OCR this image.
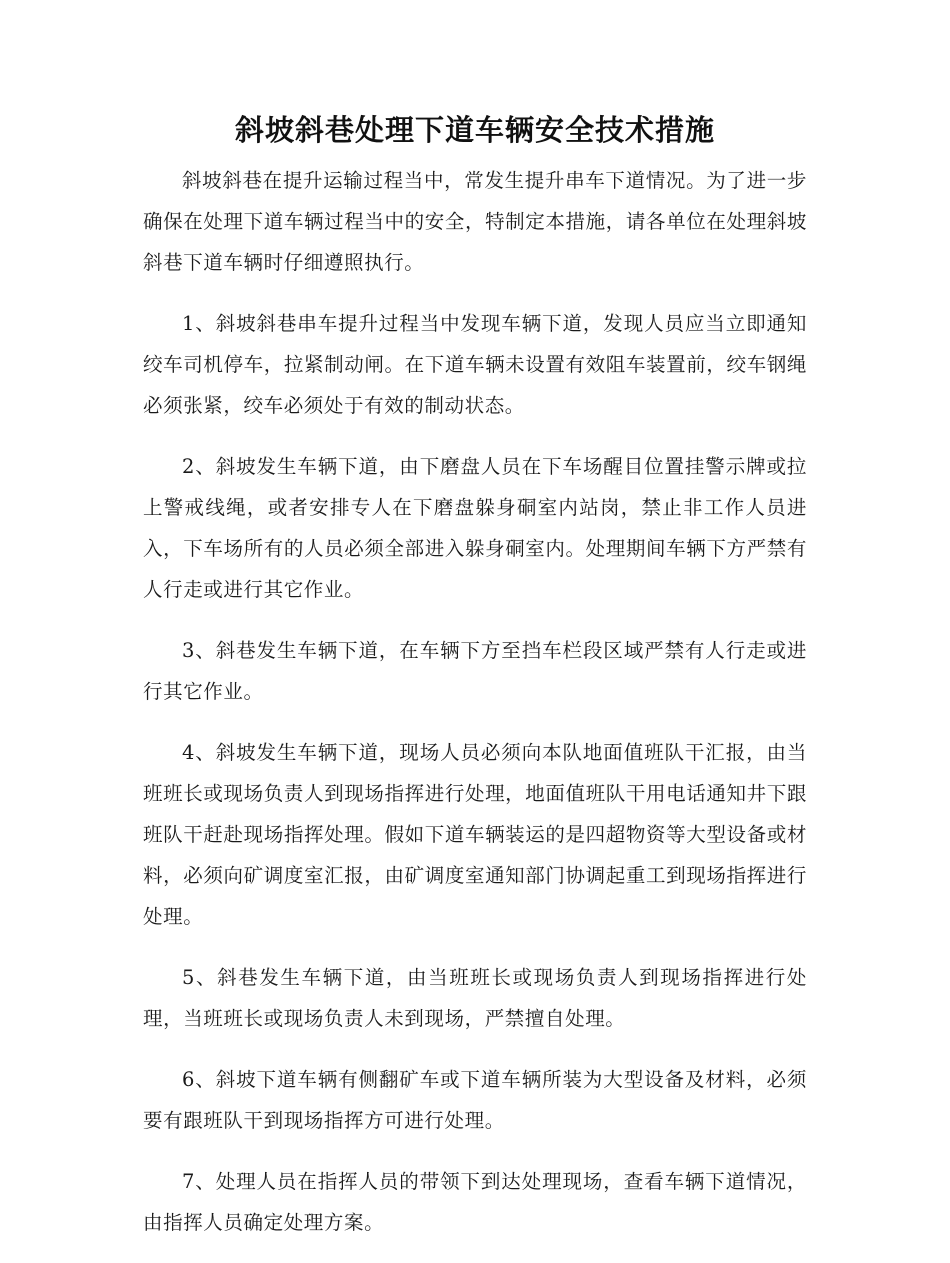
斜坡斜巷处理下道车辆安全技术措施

斜坡斜巷在提升运输过程当中，常发生提升串车下道情况。为了进一步确保在处理下道车辆过程当中的安全，特制定本措施，请各单位在处理斜坡斜巷下道车辆时仔细遵照执行。

1、斜坡斜巷串车提升过程当中发现车辆下道，发现人员应当立即通知绞车司机停车，拉紧制动闸。在下道车辆未设置有效阻车装置前，绞车钢绳必须张紧，绞车必须处于有效的制动状态。

2、斜坡发生车辆下道，由下磨盘人员在下车场醒目位置挂警示牌或拉上警戒线绳，或者安排专人在下磨盘躲身硐室内站岗，禁止非工作人员进入，下车场所有的人员必须全部进入躲身硐室内。处理期间车辆下方严禁有人行走或进行其它作业。

3、斜巷发生车辆下道，在车辆下方至挡车栏段区域严禁有人行走或进行其它作业。

4、斜坡发生车辆下道，现场人员必须向本队地面值班队干汇报，由当班班长或现场负责人到现场指挥进行处理，地面值班队干用电话通知井下跟班队干赶赴现场指挥处理。假如下道车辆装运的是四超物资等大型设备或材料，必须向矿调度室汇报，由矿调度室通知部门协调起重工到现场指挥进行处理。

5、斜巷发生车辆下道，由当班班长或现场负责人到现场指挥进行处理，当班班长或现场负责人未到现场，严禁擅自处理。

6、斜坡下道车辆有侧翻矿车或下道车辆所装为大型设备及材料，必须要有跟班队干到现场指挥方可进行处理。

7、处理人员在指挥人员的带领下到达处理现场，查看车辆下道情况，由指挥人员确定处理方案。
